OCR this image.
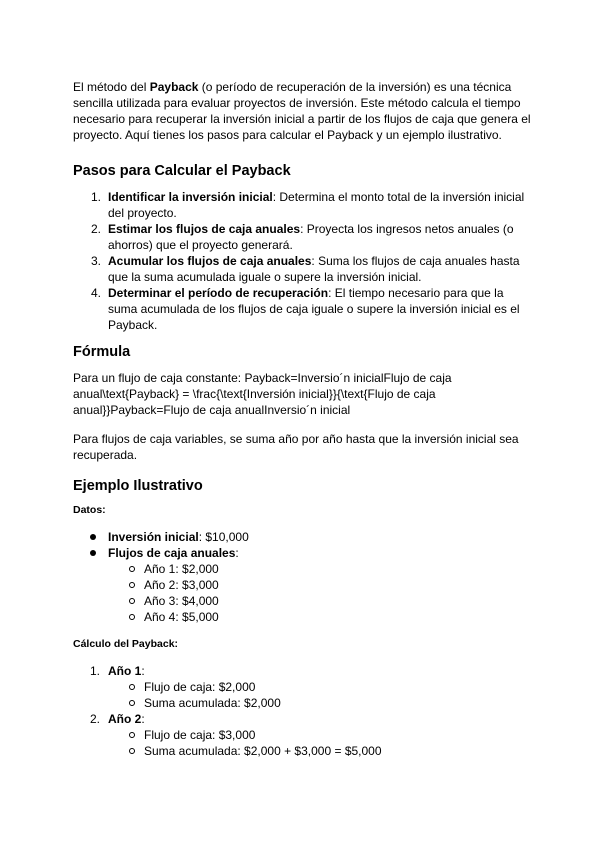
El método del Payback (o período de recuperación de la inversión) es una técnica sencilla utilizada para evaluar proyectos de inversión. Este método calcula el tiempo necesario para recuperar la inversión inicial a partir de los flujos de caja que genera el proyecto. Aquí tienes los pasos para calcular el Payback y un ejemplo ilustrativo.

Pasos para Calcular el Payback
1. Identificar la inversión inicial: Determina el monto total de la inversión inicial del proyecto.
2. Estimar los flujos de caja anuales: Proyecta los ingresos netos anuales (o ahorros) que el proyecto generará.
3. Acumular los flujos de caja anuales: Suma los flujos de caja anuales hasta que la suma acumulada iguale o supere la inversión inicial.
4. Determinar el período de recuperación: El tiempo necesario para que la suma acumulada de los flujos de caja iguale o supere la inversión inicial es el Payback.
Fórmula

Para un flujo de caja constante: Payback=Inversio´n inicialFlujo de caja anual\text{Payback} = \frac{\text{Inversión inicial}}{\text{Flujo de caja anual}}Payback=Flujo de caja anualInversio´n inicial

Para flujos de caja variables, se suma año por año hasta que la inversión inicial sea recuperada.

Ejemplo Ilustrativo
Datos:
Inversión inicial: $10,000
Flujos de caja anuales:
Año 1: $2,000
Año 2: $3,000
Año 3: $4,000
Año 4: $5,000
Cálculo del Payback:
1. Año 1:
Flujo de caja: $2,000
Suma acumulada: $2,000
2. Año 2:
Flujo de caja: $3,000
Suma acumulada: $2,000 + $3,000 = $5,000
